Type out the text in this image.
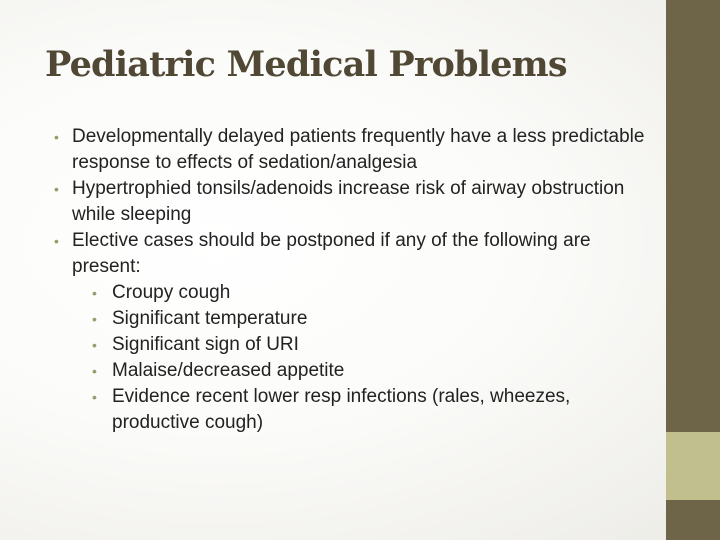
Pediatric Medical Problems
• Developmentally delayed patients frequently have a less predictable response to effects of sedation/analgesia
• Hypertrophied tonsils/adenoids increase risk of airway obstruction while sleeping
• Elective cases should be postponed if any of the following are present:
• Croupy cough
• Significant temperature
• Significant sign of URI
• Malaise/decreased appetite
• Evidence recent lower resp infections (rales, wheezes, productive cough)
